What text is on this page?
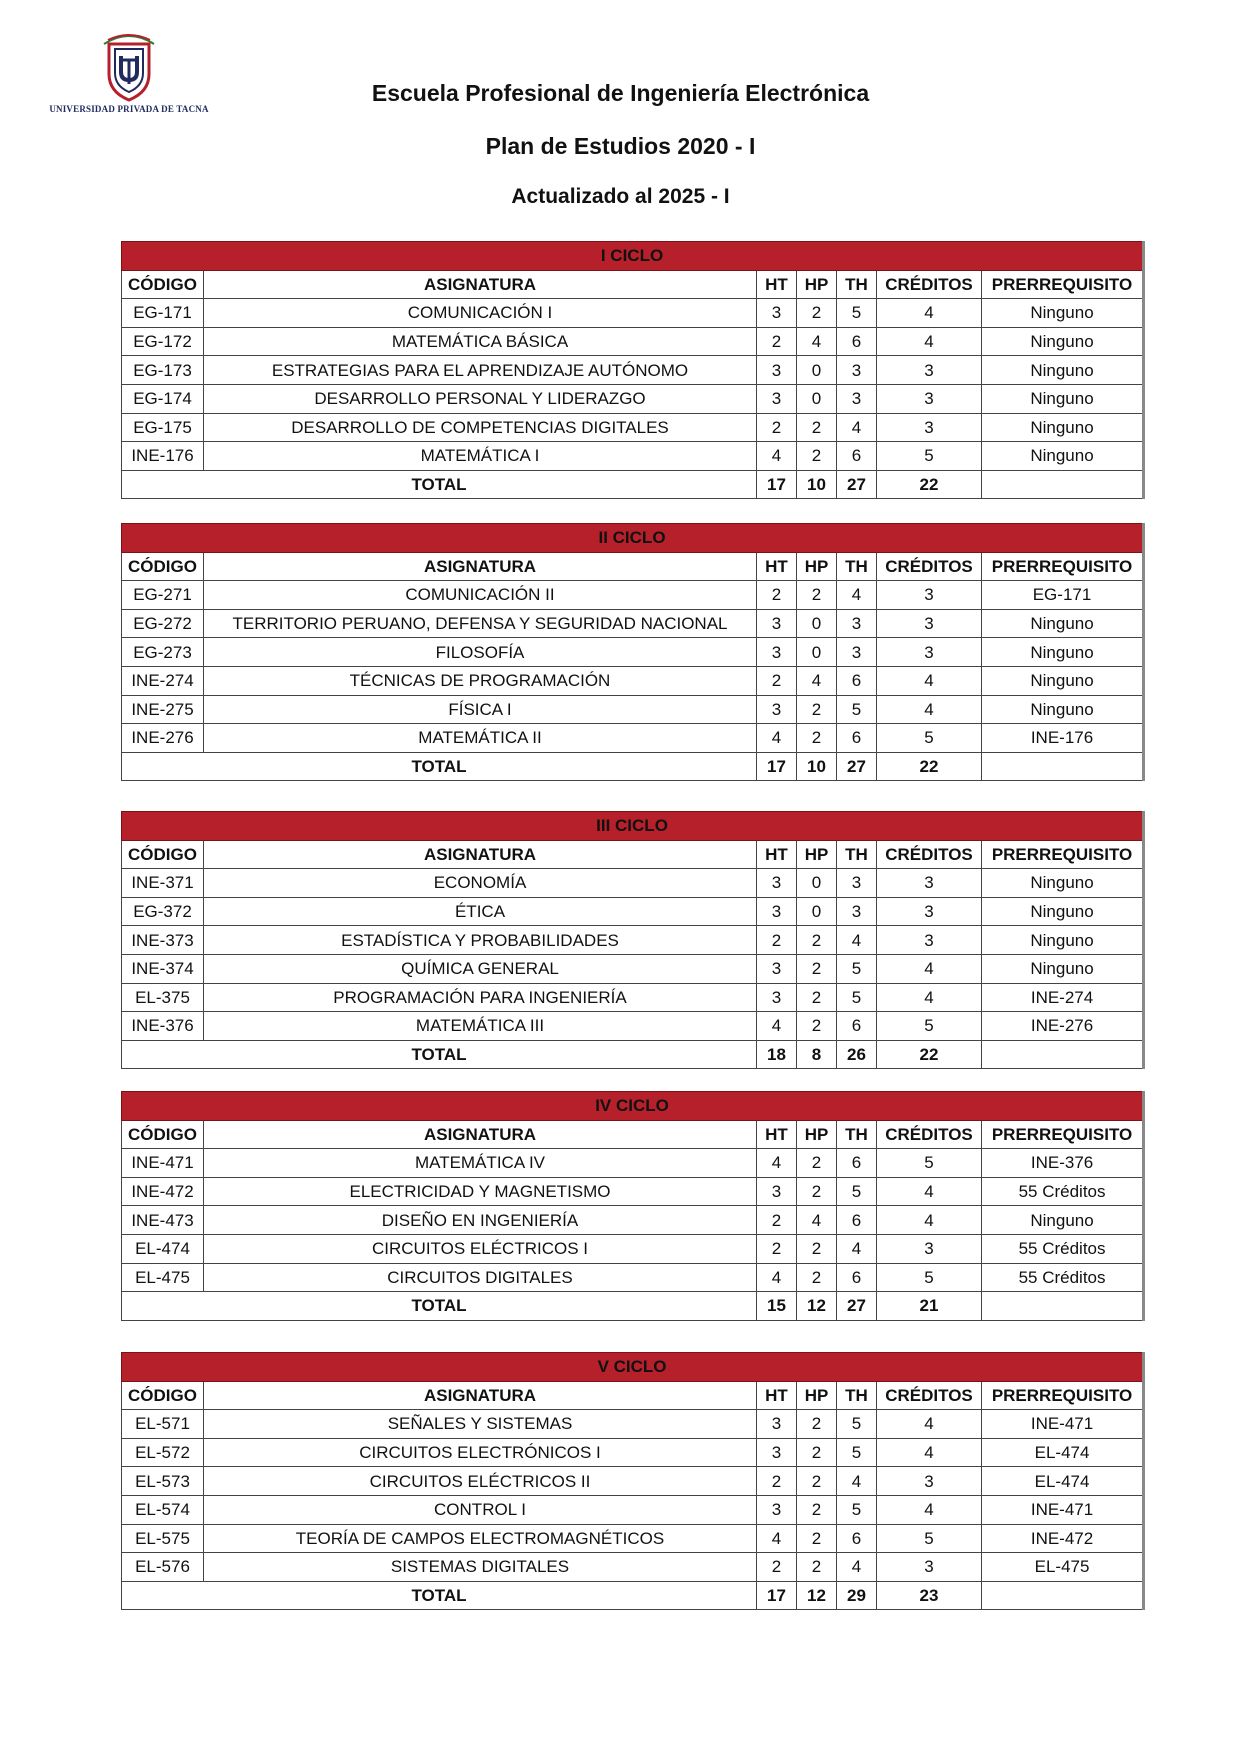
UNIVERSIDAD PRIVADA DE TACNA
Escuela Profesional de Ingeniería Electrónica
Plan de Estudios 2020 - I
Actualizado al 2025 - I
I CICLO						
CÓDIGO	ASIGNATURA	HT	HP	TH	CRÉDITOS	PRERREQUISITO
EG-171	COMUNICACIÓN I	3	2	5	4	Ninguno
EG-172	MATEMÁTICA BÁSICA	2	4	6	4	Ninguno
EG-173	ESTRATEGIAS PARA EL APRENDIZAJE AUTÓNOMO	3	0	3	3	Ninguno
EG-174	DESARROLLO PERSONAL Y LIDERAZGO	3	0	3	3	Ninguno
EG-175	DESARROLLO DE COMPETENCIAS DIGITALES	2	2	4	3	Ninguno
INE-176	MATEMÁTICA I	4	2	6	5	Ninguno
TOTAL		17	10	27	22	
II CICLO						
CÓDIGO	ASIGNATURA	HT	HP	TH	CRÉDITOS	PRERREQUISITO
EG-271	COMUNICACIÓN II	2	2	4	3	EG-171
EG-272	TERRITORIO PERUANO, DEFENSA Y SEGURIDAD NACIONAL	3	0	3	3	Ninguno
EG-273	FILOSOFÍA	3	0	3	3	Ninguno
INE-274	TÉCNICAS DE PROGRAMACIÓN	2	4	6	4	Ninguno
INE-275	FÍSICA I	3	2	5	4	Ninguno
INE-276	MATEMÁTICA II	4	2	6	5	INE-176
TOTAL		17	10	27	22	
III CICLO						
CÓDIGO	ASIGNATURA	HT	HP	TH	CRÉDITOS	PRERREQUISITO
INE-371	ECONOMÍA	3	0	3	3	Ninguno
EG-372	ÉTICA	3	0	3	3	Ninguno
INE-373	ESTADÍSTICA Y PROBABILIDADES	2	2	4	3	Ninguno
INE-374	QUÍMICA GENERAL	3	2	5	4	Ninguno
EL-375	PROGRAMACIÓN PARA INGENIERÍA	3	2	5	4	INE-274
INE-376	MATEMÁTICA III	4	2	6	5	INE-276
TOTAL		18	8	26	22	
IV CICLO						
CÓDIGO	ASIGNATURA	HT	HP	TH	CRÉDITOS	PRERREQUISITO
INE-471	MATEMÁTICA IV	4	2	6	5	INE-376
INE-472	ELECTRICIDAD Y MAGNETISMO	3	2	5	4	55 Créditos
INE-473	DISEÑO EN INGENIERÍA	2	4	6	4	Ninguno
EL-474	CIRCUITOS ELÉCTRICOS I	2	2	4	3	55 Créditos
EL-475	CIRCUITOS DIGITALES	4	2	6	5	55 Créditos
TOTAL		15	12	27	21	
V CICLO						
CÓDIGO	ASIGNATURA	HT	HP	TH	CRÉDITOS	PRERREQUISITO
EL-571	SEÑALES Y SISTEMAS	3	2	5	4	INE-471
EL-572	CIRCUITOS ELECTRÓNICOS I	3	2	5	4	EL-474
EL-573	CIRCUITOS ELÉCTRICOS II	2	2	4	3	EL-474
EL-574	CONTROL I	3	2	5	4	INE-471
EL-575	TEORÍA DE CAMPOS ELECTROMAGNÉTICOS	4	2	6	5	INE-472
EL-576	SISTEMAS DIGITALES	2	2	4	3	EL-475
TOTAL		17	12	29	23	
